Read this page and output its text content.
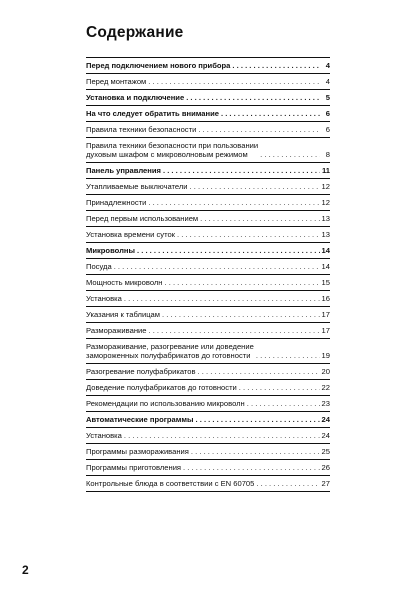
Содержание
Перед подключением нового прибора . . .	4
Перед монтажом . . .	4
Установка и подключение . . .	5
На что следует обратить внимание . . .	6
Правила техники безопасности . . .	6
Правила техники безопасности при пользовании
духовым шкафом с микроволновым режимом . . .	8
Панель управления . . .	11
Утапливаемые выключатели . . .	12
Принадлежности . . .	12
Перед первым использованием . . .	13
Установка времени суток . . .	13
Микроволны . . .	14
Посуда . . .	14
Мощность микроволн . . .	15
Установка . . .	16
Указания к таблицам . . .	17
Размораживание . . .	17
Размораживание, разогревание или доведение
замороженных полуфабрикатов до готовности . . .	19
Разогревание полуфабрикатов . . .	20
Доведение полуфабрикатов до готовности . . .	22
Рекомендации по использованию микроволн . . .	23
Автоматические программы . . .	24
Установка . . .	24
Программы размораживания . . .	25
Программы приготовления . . .	26
Контрольные блюда в соответствии с EN 60705 . . .	27
2
